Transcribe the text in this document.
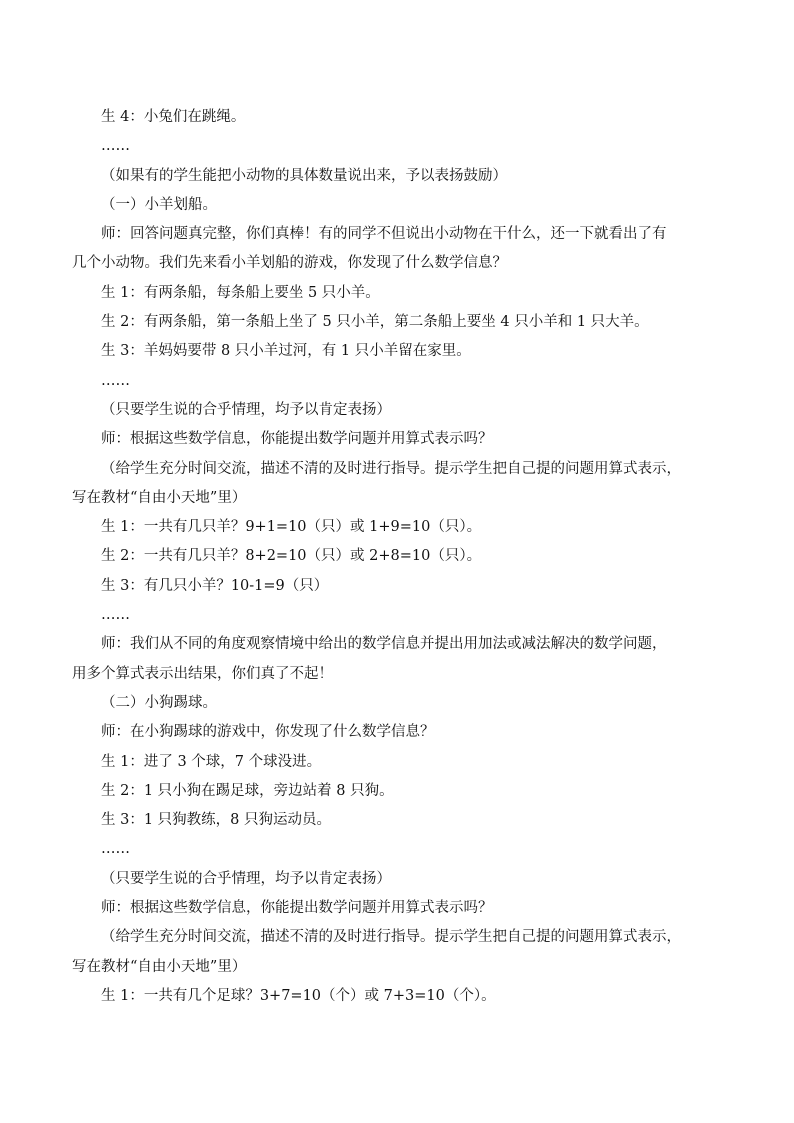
生 4：小兔们在跳绳。
……
（如果有的学生能把小动物的具体数量说出来，予以表扬鼓励）
（一）小羊划船。
师：回答问题真完整，你们真棒！有的同学不但说出小动物在干什么，还一下就看出了有
几个小动物。我们先来看小羊划船的游戏，你发现了什么数学信息？
生 1：有两条船，每条船上要坐 5 只小羊。
生 2：有两条船，第一条船上坐了 5 只小羊，第二条船上要坐 4 只小羊和 1 只大羊。
生 3：羊妈妈要带 8 只小羊过河，有 1 只小羊留在家里。
……
（只要学生说的合乎情理，均予以肯定表扬）
师：根据这些数学信息，你能提出数学问题并用算式表示吗？
（给学生充分时间交流，描述不清的及时进行指导。提示学生把自己提的问题用算式表示，
写在教材“自由小天地”里）
生 1：一共有几只羊？9+1=10（只）或 1+9=10（只）。
生 2：一共有几只羊？8+2=10（只）或 2+8=10（只）。
生 3：有几只小羊？10-1=9（只）
……
师：我们从不同的角度观察情境中给出的数学信息并提出用加法或减法解决的数学问题，
用多个算式表示出结果，你们真了不起！
（二）小狗踢球。
师：在小狗踢球的游戏中，你发现了什么数学信息？
生 1：进了 3 个球，7 个球没进。
生 2：1 只小狗在踢足球，旁边站着 8 只狗。
生 3：1 只狗教练，8 只狗运动员。
……
（只要学生说的合乎情理，均予以肯定表扬）
师：根据这些数学信息，你能提出数学问题并用算式表示吗？
（给学生充分时间交流，描述不清的及时进行指导。提示学生把自己提的问题用算式表示，
写在教材“自由小天地”里）
生 1：一共有几个足球？3+7=10（个）或 7+3=10（个）。
